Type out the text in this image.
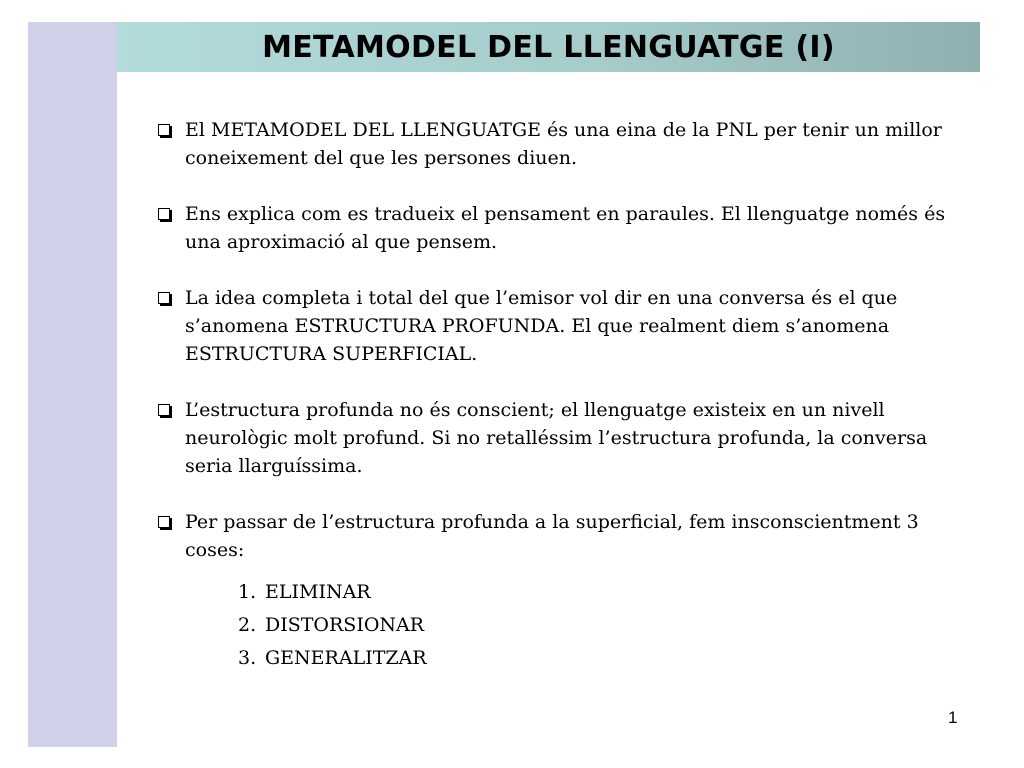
METAMODEL DEL LLENGUATGE (I)
El METAMODEL DEL LLENGUATGE és una eina de la PNL per tenir un millor coneixement del que les persones diuen.
Ens explica com es tradueix el pensament en paraules. El llenguatge només és una aproximació al que pensem.
La idea completa i total del que l’emisor vol dir en una conversa és el que s’anomena ESTRUCTURA PROFUNDA. El que realment diem s’anomena ESTRUCTURA SUPERFICIAL.
L’estructura profunda no és conscient; el llenguatge existeix en un nivell neurològic molt profund. Si no retalléssim l’estructura profunda, la conversa seria llarguíssima.
Per passar de l’estructura profunda a la superficial, fem insconscientment 3 coses:
1. ELIMINAR
2. DISTORSIONAR
3. GENERALITZAR
1
